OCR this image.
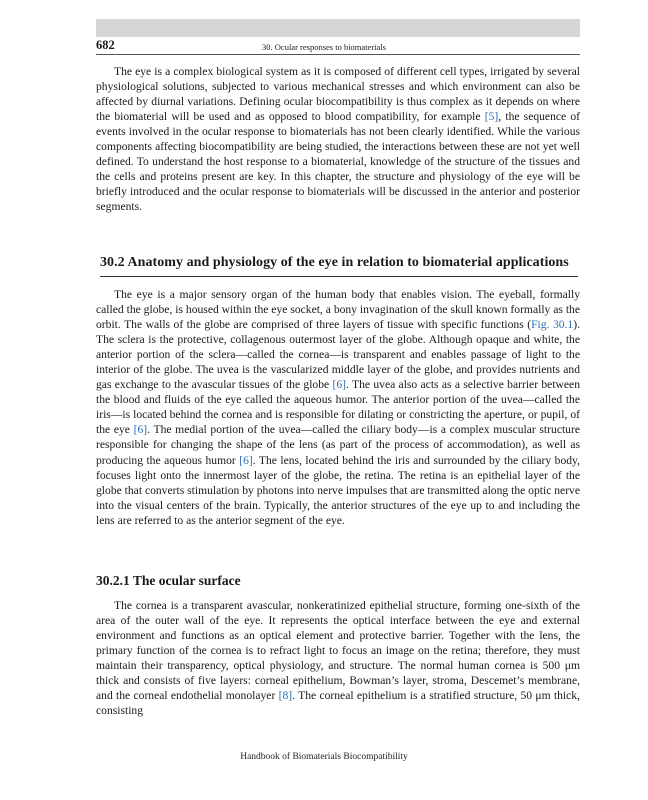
682	30. Ocular responses to biomaterials

The eye is a complex biological system as it is composed of different cell types, irrigated by several physiological solutions, subjected to various mechanical stresses and which environment can also be affected by diurnal variations. Defining ocular biocompatibility is thus complex as it depends on where the biomaterial will be used and as opposed to blood compatibility, for example [5], the sequence of events involved in the ocular response to biomaterials has not been clearly identified. While the various components affecting biocompatibility are being studied, the interactions between these are not yet well defined. To understand the host response to a biomaterial, knowledge of the structure of the tissues and the cells and proteins present are key. In this chapter, the structure and physiology of the eye will be briefly introduced and the ocular response to biomaterials will be discussed in the anterior and posterior segments.

30.2 Anatomy and physiology of the eye in relation to biomaterial applications

The eye is a major sensory organ of the human body that enables vision. The eyeball, formally called the globe, is housed within the eye socket, a bony invagination of the skull known formally as the orbit. The walls of the globe are comprised of three layers of tissue with specific functions (Fig. 30.1). The sclera is the protective, collagenous outermost layer of the globe. Although opaque and white, the anterior portion of the sclera—called the cornea—is transparent and enables passage of light to the interior of the globe. The uvea is the vascularized middle layer of the globe, and provides nutrients and gas exchange to the avascular tissues of the globe [6]. The uvea also acts as a selective barrier between the blood and fluids of the eye called the aqueous humor. The anterior portion of the uvea—called the iris—is located behind the cornea and is responsible for dilating or constricting the aperture, or pupil, of the eye [6]. The medial portion of the uvea—called the ciliary body—is a complex muscular structure responsible for changing the shape of the lens (as part of the process of accommodation), as well as producing the aqueous humor [6]. The lens, located behind the iris and surrounded by the ciliary body, focuses light onto the innermost layer of the globe, the retina. The retina is an epithelial layer of the globe that converts stimulation by photons into nerve impulses that are transmitted along the optic nerve into the visual centers of the brain. Typically, the anterior structures of the eye up to and including the lens are referred to as the anterior segment of the eye.

30.2.1 The ocular surface

The cornea is a transparent avascular, nonkeratinized epithelial structure, forming one-sixth of the area of the outer wall of the eye. It represents the optical interface between the eye and external environment and functions as an optical element and protective barrier. Together with the lens, the primary function of the cornea is to refract light to focus an image on the retina; therefore, they must maintain their transparency, optical physiology, and structure. The normal human cornea is 500 μm thick and consists of five layers: corneal epithelium, Bowman’s layer, stroma, Descemet’s membrane, and the corneal endothelial monolayer [8]. The corneal epithelium is a stratified structure, 50 μm thick, consisting

Handbook of Biomaterials Biocompatibility
